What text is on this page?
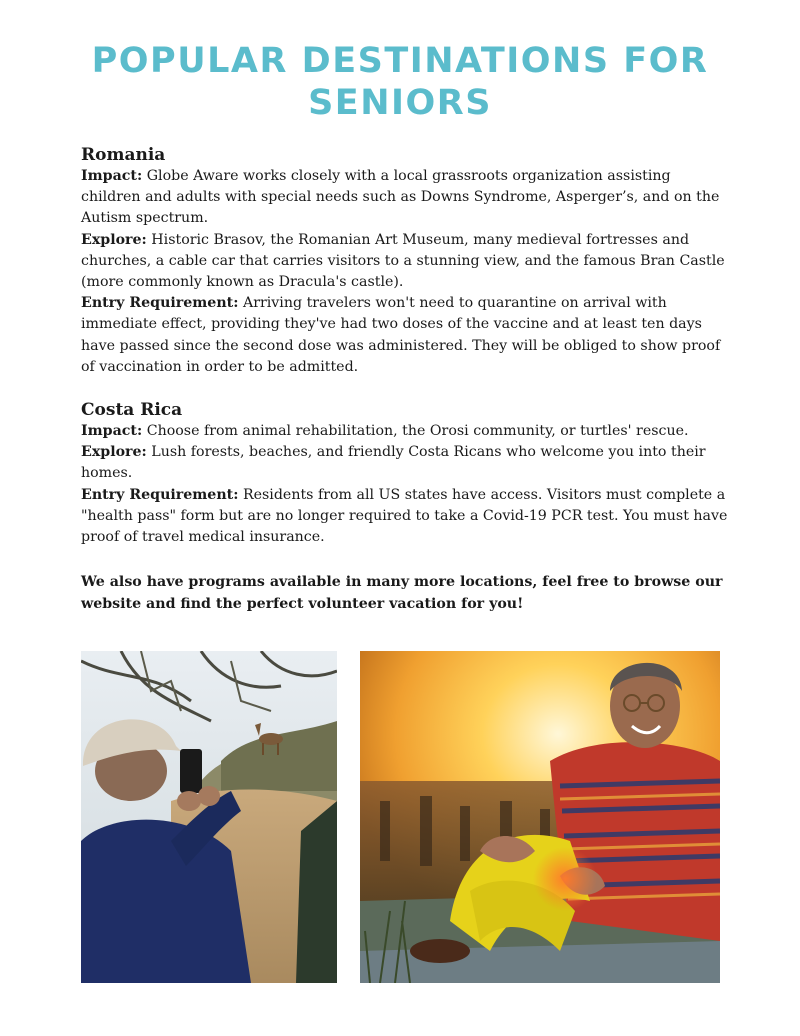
POPULAR DESTINATIONS FOR SENIORS

Romania

Impact: Globe Aware works closely with a local grassroots organization assisting children and adults with special needs such as Downs Syndrome, Asperger’s, and on the Autism spectrum.

Explore: Historic Brasov, the Romanian Art Museum, many medieval fortresses and churches, a cable car that carries visitors to a stunning view, and the famous Bran Castle (more commonly known as Dracula's castle).

Entry Requirement: Arriving travelers won't need to quarantine on arrival with immediate effect, providing they've had two doses of the vaccine and at least ten days have passed since the second dose was administered. They will be obliged to show proof of vaccination in order to be admitted.

Costa Rica

Impact: Choose from animal rehabilitation, the Orosi community, or turtles' rescue.

Explore: Lush forests, beaches, and friendly Costa Ricans who welcome you into their homes.

Entry Requirement: Residents from all US states have access. Visitors must complete a "health pass" form but are no longer required to take a Covid-19 PCR test. You must have proof of travel medical insurance.

We also have programs available in many more locations, feel free to browse our website and find the perfect volunteer vacation for you!
